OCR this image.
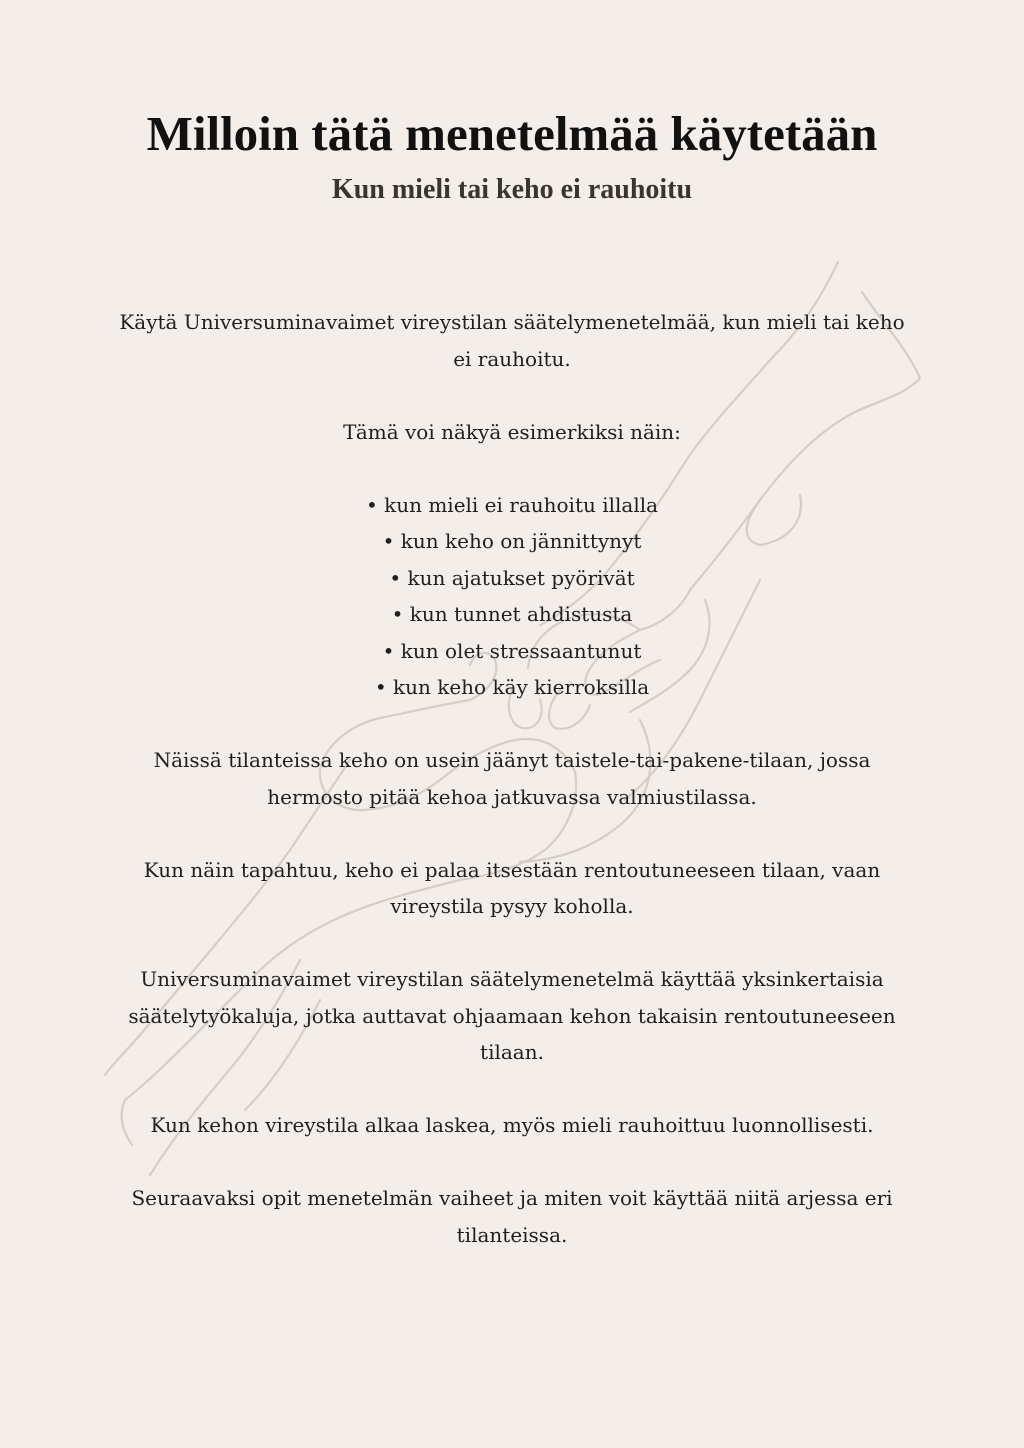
Milloin tätä menetelmää käytetään
Kun mieli tai keho ei rauhoitu

Käytä Universuminavaimet vireystilan säätelymenetelmää, kun mieli tai keho ei rauhoitu.

Tämä voi näkyä esimerkiksi näin:

• kun mieli ei rauhoitu illalla
• kun keho on jännittynyt
• kun ajatukset pyörivät
• kun tunnet ahdistusta
• kun olet stressaantunut
• kun keho käy kierroksilla

Näissä tilanteissa keho on usein jäänyt taistele-tai-pakene-tilaan, jossa hermosto pitää kehoa jatkuvassa valmiustilassa.

Kun näin tapahtuu, keho ei palaa itsestään rentoutuneeseen tilaan, vaan vireystila pysyy koholla.

Universuminavaimet vireystilan säätelymenetelmä käyttää yksinkertaisia säätelytyökaluja, jotka auttavat ohjaamaan kehon takaisin rentoutuneeseen tilaan.

Kun kehon vireystila alkaa laskea, myös mieli rauhoittuu luonnollisesti.

Seuraavaksi opit menetelmän vaiheet ja miten voit käyttää niitä arjessa eri tilanteissa.
